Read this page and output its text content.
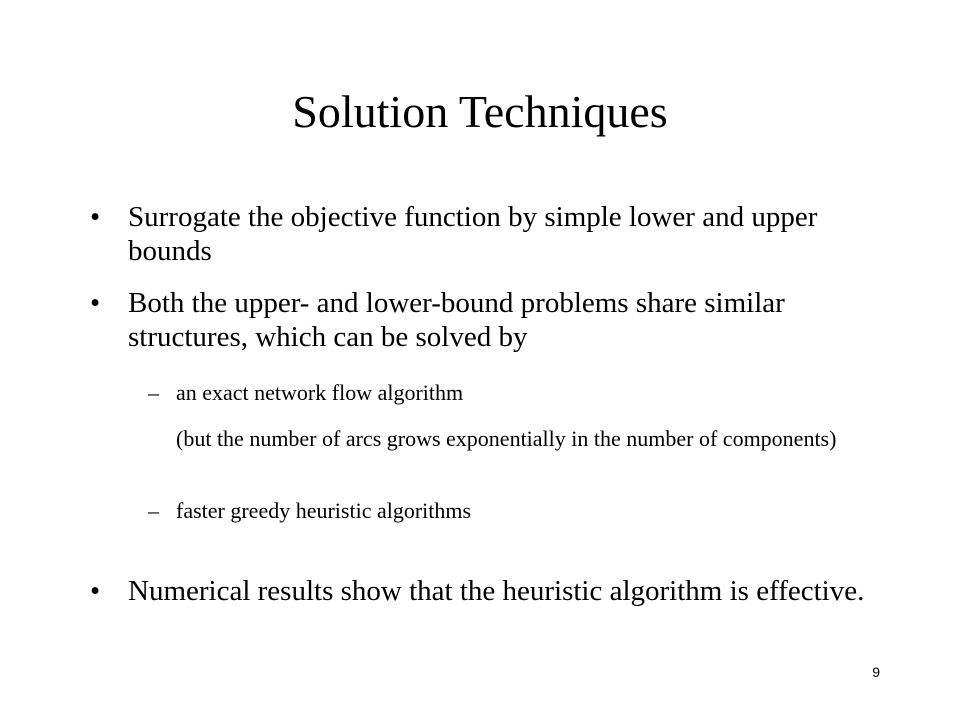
Solution Techniques
• Surrogate the objective function by simple lower and upper bounds
• Both the upper- and lower-bound problems share similar structures, which can be solved by
– an exact network flow algorithm
(but the number of arcs grows exponentially in the number of components)
– faster greedy heuristic algorithms
• Numerical results show that the heuristic algorithm is effective.
9
